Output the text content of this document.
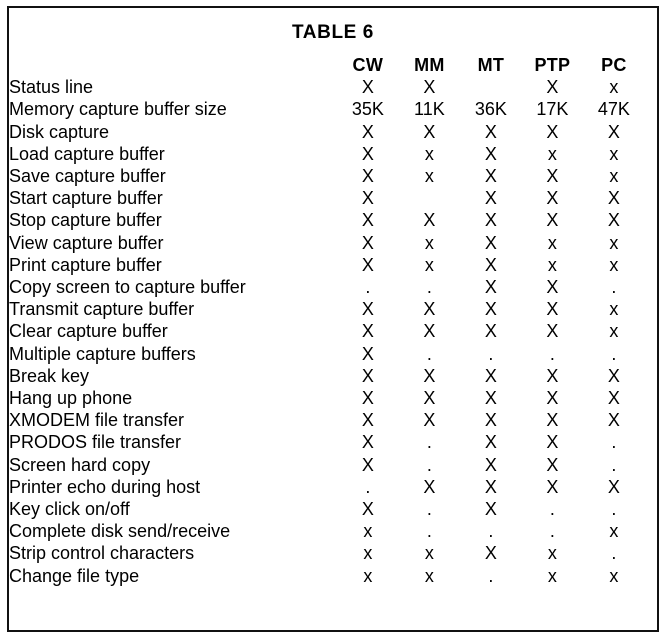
TABLE 6
	CW	MM	MT	PTP	PC	
Status line	X	X		X	x	
Memory capture buffer size	35K	11K	36K	17K	47K	
Disk capture	X	X	X	X	X	
Load capture buffer	X	x	X	x	x	
Save capture buffer	X	x	X	X	x	
Start capture buffer	X		X	X	X	
Stop capture buffer	X	X	X	X	X	
View capture buffer	X	x	X	x	x	
Print capture buffer	X	x	X	x	x	
Copy screen to capture buffer	.	.	X	X	.	
Transmit capture buffer	X	X	X	X	x	
Clear capture buffer	X	X	X	X	x	
Multiple capture buffers	X	.	.	.	.	
Break key	X	X	X	X	X	
Hang up phone	X	X	X	X	X	
XMODEM file transfer	X	X	X	X	X	
PRODOS file transfer	X	.	X	X	.	
Screen hard copy	X	.	X	X	.	
Printer echo during host	.	X	X	X	X	
Key click on/off	X	.	X	.	.	
Complete disk send/receive	x	.	.	.	x	
Strip control characters	x	x	X	x	.	
Change file type	x	x	.	x	x	
